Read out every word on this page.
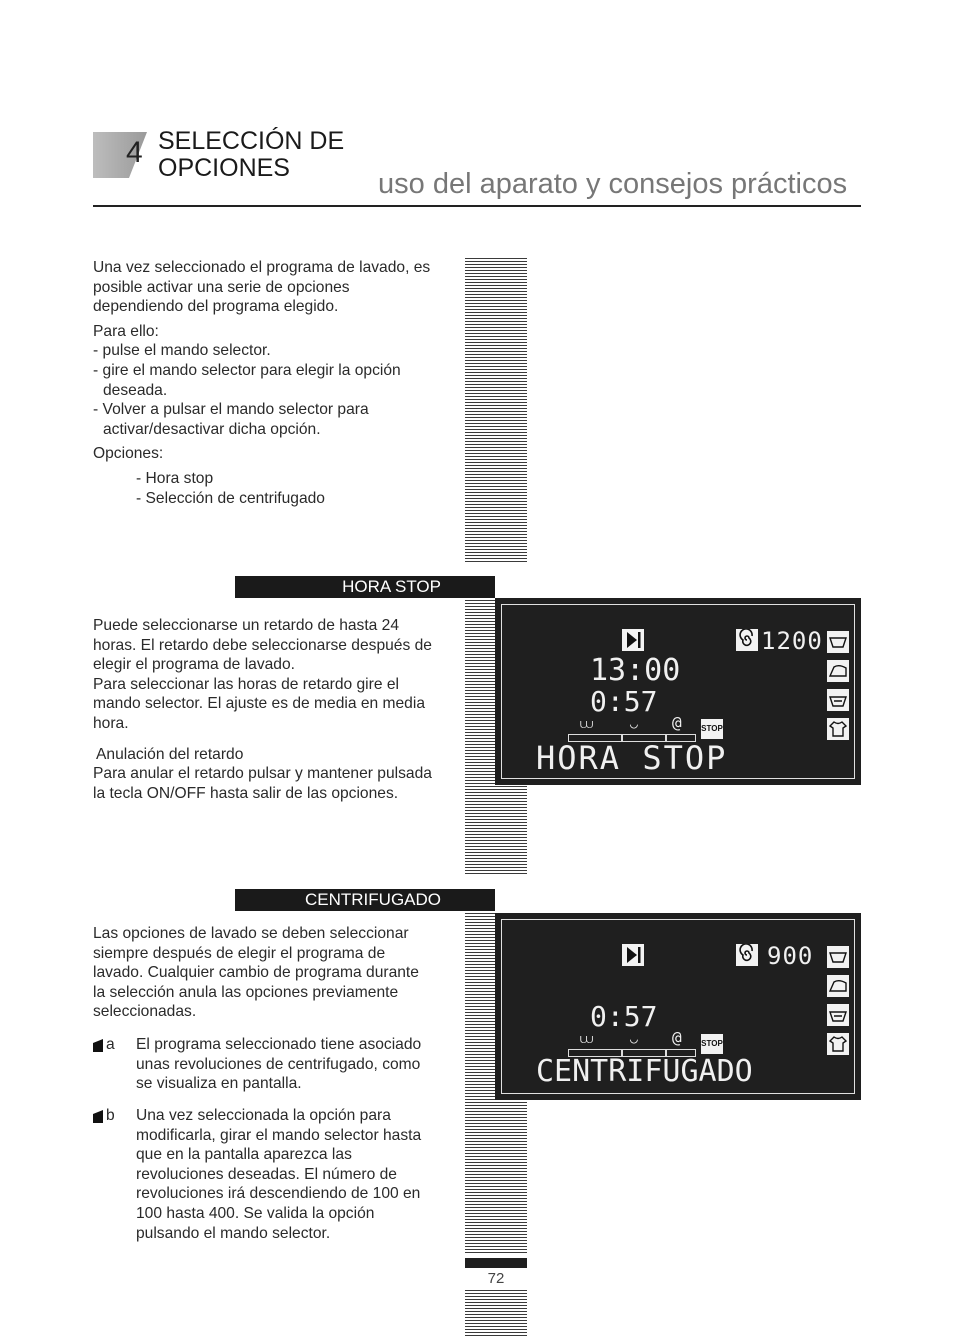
4 SELECCIÓN DE
OPCIONES	uso del aparato y consejos prácticos

Una vez seleccionado el programa de lavado, es posible activar una serie de opciones dependiendo del programa elegido.

Para ello:

- pulse el mando selector.

- gire el mando selector para elegir la opción

deseada.

- Volver a pulsar el mando selector para

activar/desactivar dicha opción.

Opciones:

- Hora stop

- Selección de centrifugado

HORA STOP

Puede seleccionarse un retardo de hasta 24 horas. El retardo debe seleccionarse después de elegir el programa de lavado.

Para seleccionar las horas de retardo gire el mando selector. El ajuste es de media en media hora.

Anulación del retardo

Para anular el retardo pulsar y mantener pulsada la tecla ON/OFF hasta salir de las opciones.

1200
13:00
0:57
⩊	◡ @ STOP
HORA STOP
CENTRIFUGADO

Las opciones de lavado se deben seleccionar siempre después de elegir el programa de lavado. Cualquier cambio de programa durante la selección anula las opciones previamente seleccionadas.

a El programa seleccionado tiene asociado unas revoluciones de centrifugado, como se visualiza en pantalla.
b Una vez seleccionada la opción para modificarla, girar el mando selector hasta que en la pantalla aparezca las revoluciones deseadas. El número de revoluciones irá descendiendo de 100 en 100 hasta 400. Se valida la opción pulsando el mando selector.
900
0:57
⩊	◡ @ STOP
CENTRIFUGADO
72
